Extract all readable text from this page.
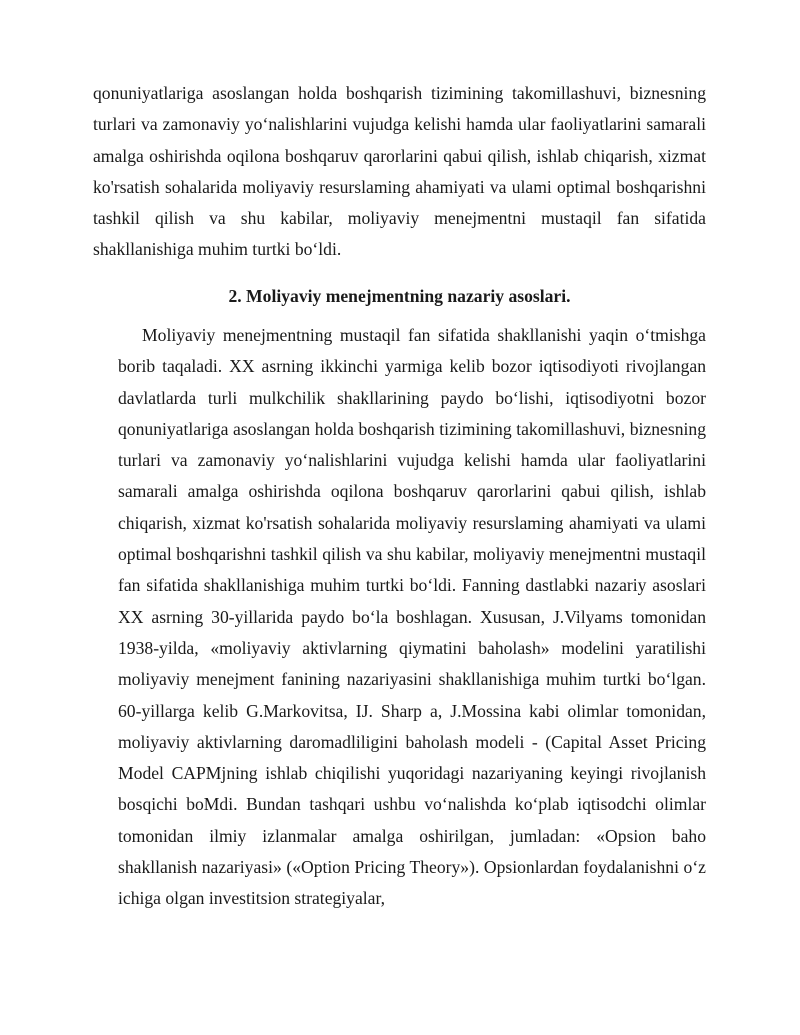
qonuniyatlariga asoslangan holda boshqarish tizimining takomillashuvi, biznesning turlari va zamonaviy yo‘nalishlarini vujudga kelishi hamda ular faoliyatlarini samarali amalga oshirishda oqilona boshqaruv qarorlarini qabui qilish, ishlab chiqarish, xizmat ko'rsatish sohalarida moliyaviy resurslaming ahamiyati va ulami optimal boshqarishni tashkil qilish va shu kabilar, moliyaviy menejmentni mustaqil fan sifatida shakllanishiga muhim turtki bo‘ldi.

2. Moliyaviy menejmentning nazariy asoslari.

Moliyaviy menejmentning mustaqil fan sifatida shakllanishi yaqin o‘tmishga borib taqaladi. XX asrning ikkinchi yarmiga kelib bozor iqtisodiyoti rivojlangan davlatlarda turli mulkchilik shakllarining paydo bo‘lishi, iqtisodiyotni bozor qonuniyatlariga asoslangan holda boshqarish tizimining takomillashuvi, biznesning turlari va zamonaviy yo‘nalishlarini vujudga kelishi hamda ular faoliyatlarini samarali amalga oshirishda oqilona boshqaruv qarorlarini qabui qilish, ishlab chiqarish, xizmat ko'rsatish sohalarida moliyaviy resurslaming ahamiyati va ulami optimal boshqarishni tashkil qilish va shu kabilar, moliyaviy menejmentni mustaqil fan sifatida shakllanishiga muhim turtki bo‘ldi. Fanning dastlabki nazariy asoslari XX asrning 30-yillarida paydo bo‘la boshlagan. Xususan, J.Vilyams tomonidan 1938-yilda, «moliyaviy aktivlarning qiymatini baholash» modelini yaratilishi moliyaviy menejment fanining nazariyasini shakllanishiga muhim turtki bo‘lgan. 60-yillarga kelib G.Markovitsa, IJ. Sharp a, J.Mossina kabi olimlar tomonidan, moliyaviy aktivlarning daromadliligini baholash modeli - (Capital Asset Pricing Model CAPMjning ishlab chiqilishi yuqoridagi nazariyaning keyingi rivojlanish bosqichi boMdi. Bundan tashqari ushbu vo‘nalishda ko‘plab iqtisodchi olimlar tomonidan ilmiy izlanmalar amalga oshirilgan, jumladan: «Opsion baho shakllanish nazariyasi» («Option Pricing Theory»). Opsionlardan foydalanishni o‘z ichiga olgan investitsion strategiyalar,
